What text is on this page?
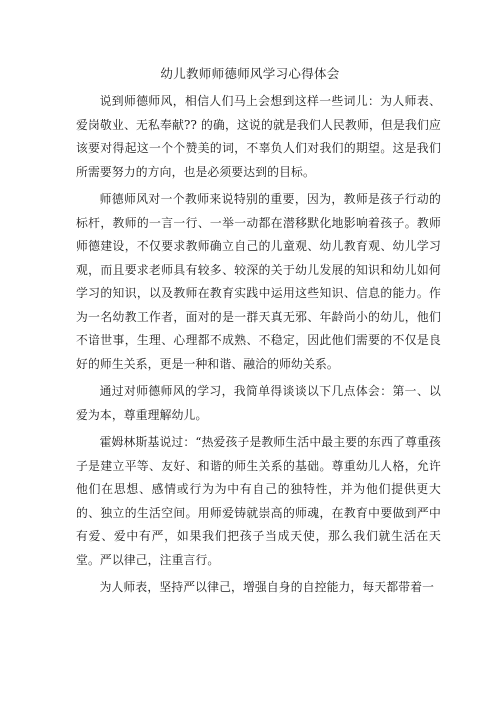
幼儿教师师德师风学习心得体会

说到师德师风，相信人们马上会想到这样一些词儿：为人师表、爱岗敬业、无私奉献?? 的确，这说的就是我们人民教师，但是我们应该要对得起这一个个赞美的词，不辜负人们对我们的期望。这是我们所需要努力的方向，也是必须要达到的目标。

师德师风对一个教师来说特别的重要，因为，教师是孩子行动的标杆，教师的一言一行、一举一动都在潜移默化地影响着孩子。教师师德建设，不仅要求教师确立自己的儿童观、幼儿教育观、幼儿学习观，而且要求老师具有较多、较深的关于幼儿发展的知识和幼儿如何学习的知识，以及教师在教育实践中运用这些知识、信息的能力。作为一名幼教工作者，面对的是一群天真无邪、年龄尚小的幼儿，他们不谙世事，生理、心理都不成熟、不稳定，因此他们需要的不仅是良好的师生关系，更是一种和谐、融洽的师幼关系。

通过对师德师风的学习，我简单得谈谈以下几点体会：第一、以爱为本，尊重理解幼儿。

霍姆林斯基说过：“热爱孩子是教师生活中最主要的东西了尊重孩子是建立平等、友好、和谐的师生关系的基础。尊重幼儿人格，允许他们在思想、感情或行为为中有自己的独特性，并为他们提供更大的、独立的生活空间。用师爱铸就崇高的师魂，在教育中要做到严中有爱、爱中有严，如果我们把孩子当成天使，那么我们就生活在天堂。严以律己，注重言行。

为人师表，坚持严以律己，增强自身的自控能力，每天都带着一
